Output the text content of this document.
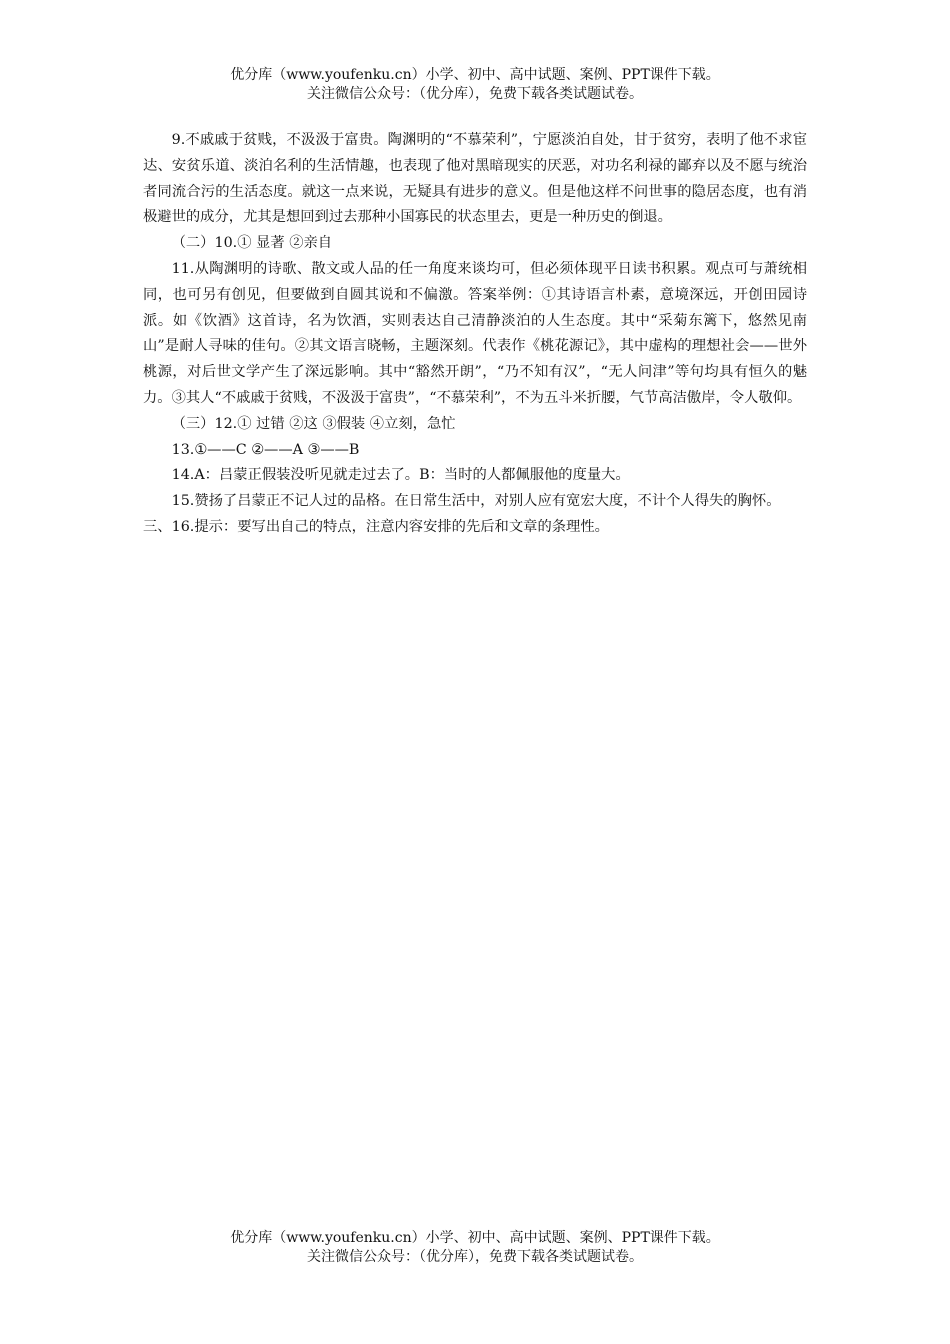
优分库（www.youfenku.cn）小学、初中、高中试题、案例、PPT课件下载。
关注微信公众号：（优分库），免费下载各类试题试卷。

9.不戚戚于贫贱，不汲汲于富贵。陶渊明的“不慕荣利”，宁愿淡泊自处，甘于贫穷，表明了他不求宦达、安贫乐道、淡泊名利的生活情趣，也表现了他对黑暗现实的厌恶，对功名利禄的鄙弃以及不愿与统治者同流合污的生活态度。就这一点来说，无疑具有进步的意义。但是他这样不问世事的隐居态度，也有消极避世的成分，尤其是想回到过去那种小国寡民的状态里去，更是一种历史的倒退。

（二）10.① 显著 ②亲自

11.从陶渊明的诗歌、散文或人品的任一角度来谈均可，但必须体现平日读书积累。观点可与萧统相同，也可另有创见，但要做到自圆其说和不偏激。答案举例：①其诗语言朴素，意境深远，开创田园诗派。如《饮酒》这首诗，名为饮酒，实则表达自己清静淡泊的人生态度。其中“采菊东篱下，悠然见南山”是耐人寻味的佳句。②其文语言晓畅，主题深刻。代表作《桃花源记》，其中虚构的理想社会——世外桃源，对后世文学产生了深远影响。其中“豁然开朗”，“乃不知有汉”，“无人问津”等句均具有恒久的魅力。③其人“不戚戚于贫贱，不汲汲于富贵”，“不慕荣利”，不为五斗米折腰，气节高洁傲岸，令人敬仰。

（三）12.① 过错 ②这 ③假装 ④立刻，急忙

13.①——C ②——A ③——B

14.A：吕蒙正假装没听见就走过去了。B：当时的人都佩服他的度量大。

15.赞扬了吕蒙正不记人过的品格。在日常生活中，对别人应有宽宏大度，不计个人得失的胸怀。

三、16.提示：要写出自己的特点，注意内容安排的先后和文章的条理性。

优分库（www.youfenku.cn）小学、初中、高中试题、案例、PPT课件下载。
关注微信公众号：（优分库），免费下载各类试题试卷。
